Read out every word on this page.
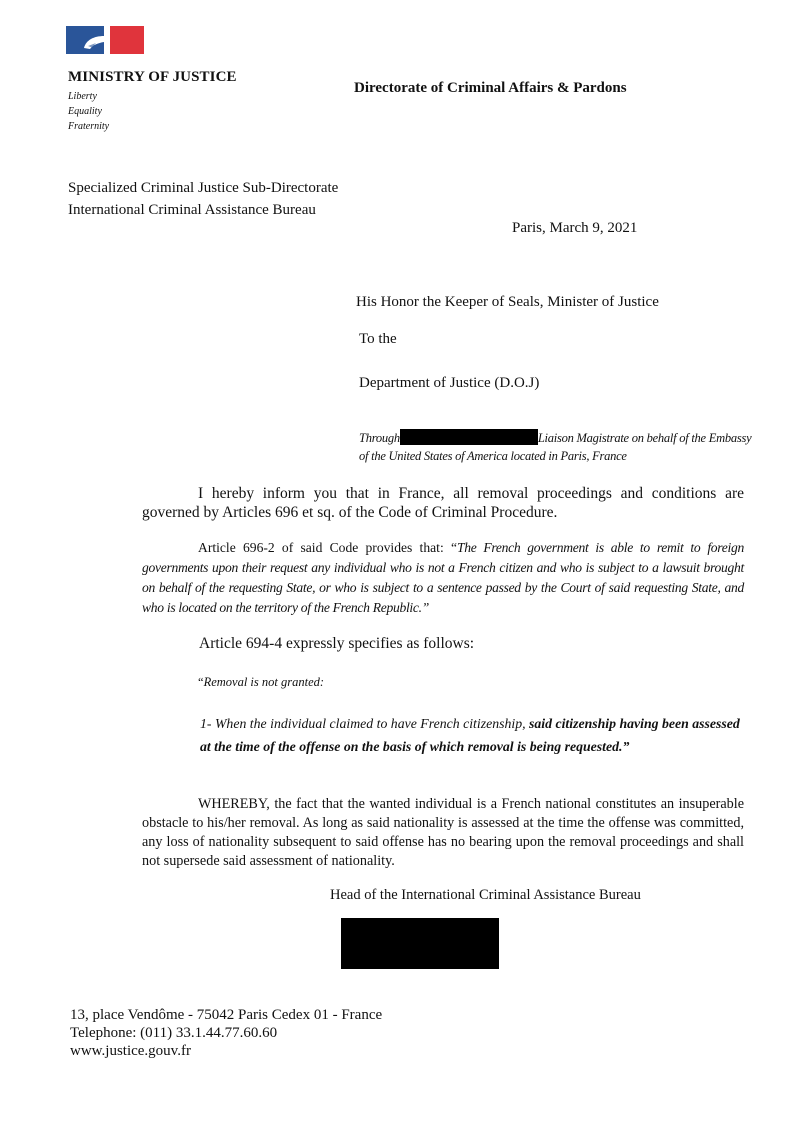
MINISTRY OF JUSTICE
Liberty
Equality
Fraternity
Directorate of Criminal Affairs & Pardons
Specialized Criminal Justice Sub-Directorate
International Criminal Assistance Bureau
Paris, March 9, 2021
His Honor the Keeper of Seals, Minister of Justice
To the
Department of Justice (D.O.J)
Through	Liaison Magistrate on behalf of the Embassy of the United States of America located in Paris, France
I hereby inform you that in France, all removal proceedings and conditions are governed by Articles 696 et sq. of the Code of Criminal Procedure.
Article 696-2 of said Code provides that: “The French government is able to remit to foreign governments upon their request any individual who is not a French citizen and who is subject to a lawsuit brought on behalf of the requesting State, or who is subject to a sentence passed by the Court of said requesting State, and who is located on the territory of the French Republic.”
Article 694-4 expressly specifies as follows:
“Removal is not granted:
1- When the individual claimed to have French citizenship, said citizenship having been assessed at the time of the offense on the basis of which removal is being requested.”
WHEREBY, the fact that the wanted individual is a French national constitutes an insuperable obstacle to his/her removal. As long as said nationality is assessed at the time the offense was committed, any loss of nationality subsequent to said offense has no bearing upon the removal proceedings and shall not supersede said assessment of nationality.
Head of the International Criminal Assistance Bureau
13, place Vendôme - 75042 Paris Cedex 01 - France
Telephone: (011) 33.1.44.77.60.60
www.justice.gouv.fr
